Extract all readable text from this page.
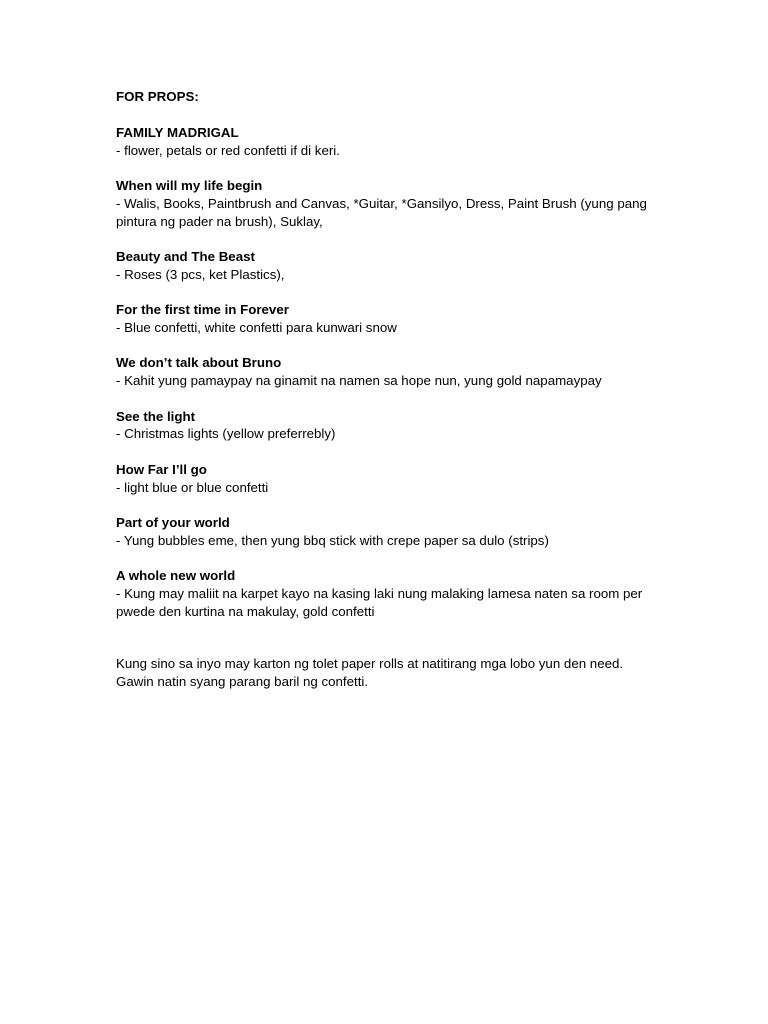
FOR PROPS:

FAMILY MADRIGAL

- flower, petals or red confetti if di keri.

When will my life begin

- Walis, Books, Paintbrush and Canvas, *Guitar, *Gansilyo, Dress, Paint Brush (yung pang pintura ng pader na brush), Suklay,

Beauty and The Beast

- Roses (3 pcs, ket Plastics),

For the first time in Forever

- Blue confetti, white confetti para kunwari snow

We don’t talk about Bruno

- Kahit yung pamaypay na ginamit na namen sa hope nun, yung gold napamaypay

See the light

- Christmas lights (yellow preferrebly)

How Far I’ll go

- light blue or blue confetti

Part of your world

- Yung bubbles eme, then yung bbq stick with crepe paper sa dulo (strips)

A whole new world

- Kung may maliit na karpet kayo na kasing laki nung malaking lamesa naten sa room per pwede den kurtina na makulay, gold confetti

Kung sino sa inyo may karton ng tolet paper rolls at natitirang mga lobo yun den need. Gawin natin syang parang baril ng confetti.
